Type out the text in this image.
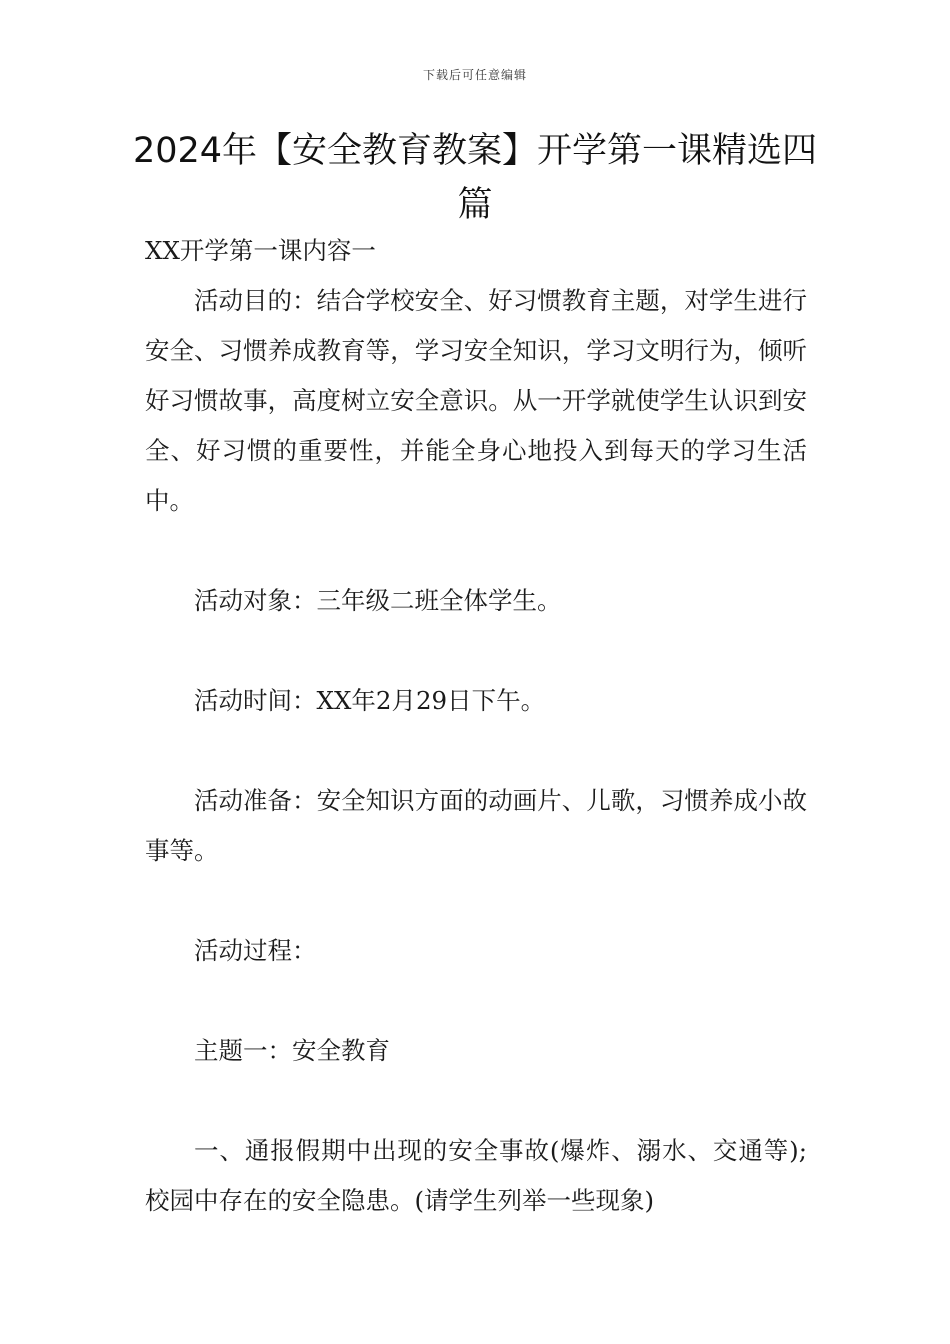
下载后可任意编辑
2024年【安全教育教案】开学第一课精选四篇

XX开学第一课内容一

活动目的：结合学校安全、好习惯教育主题，对学生进行安全、习惯养成教育等，学习安全知识，学习文明行为，倾听好习惯故事，高度树立安全意识。从一开学就使学生认识到安全、好习惯的重要性，并能全身心地投入到每天的学习生活中。

活动对象：三年级二班全体学生。

活动时间：XX年2月29日下午。

活动准备：安全知识方面的动画片、儿歌，习惯养成小故事等。

活动过程：

主题一：安全教育

一、通报假期中出现的安全事故(爆炸、溺水、交通等);校园中存在的安全隐患。(请学生列举一些现象)
